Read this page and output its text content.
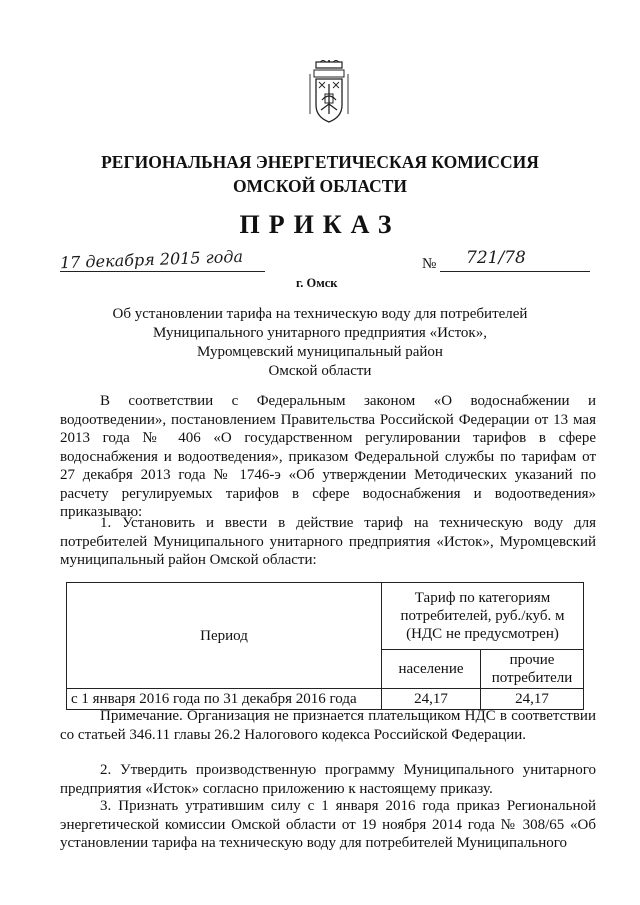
РЕГИОНАЛЬНАЯ ЭНЕРГЕТИЧЕСКАЯ КОМИССИЯ
ОМСКОЙ ОБЛАСТИ
ПРИКАЗ
17 декабря 2015 года
г. Омск
№ 721/78
Об установлении тарифа на техническую воду для потребителей
Муниципального унитарного предприятия «Исток»,
Муромцевский муниципальный район
Омской области
В соответствии с Федеральным законом «О водоснабжении и водоотведении», постановлением Правительства Российской Федерации от 13 мая 2013 года № 406 «О государственном регулировании тарифов в сфере водоснабжения и водоотведения», приказом Федеральной службы по тарифам от 27 декабря 2013 года № 1746-э «Об утверждении Методических указаний по расчету регулируемых тарифов в сфере водоснабжения и водоотведения» приказываю:
1. Установить и ввести в действие тариф на техническую воду для потребителей Муниципального унитарного предприятия «Исток», Муромцевский муниципальный район Омской области:
Период	Тариф по категориям потребителей, руб./куб. м (НДС не предусмотрен)	
	население	прочие потребители
с 1 января 2016 года по 31 декабря 2016 года	24,17	24,17
Примечание. Организация не признается плательщиком НДС в соответствии со статьей 346.11 главы 26.2 Налогового кодекса Российской Федерации.
2. Утвердить производственную программу Муниципального унитарного предприятия «Исток» согласно приложению к настоящему приказу.
3. Признать утратившим силу с 1 января 2016 года приказ Региональной энергетической комиссии Омской области от 19 ноября 2014 года № 308/65 «Об установлении тарифа на техническую воду для потребителей Муниципального
